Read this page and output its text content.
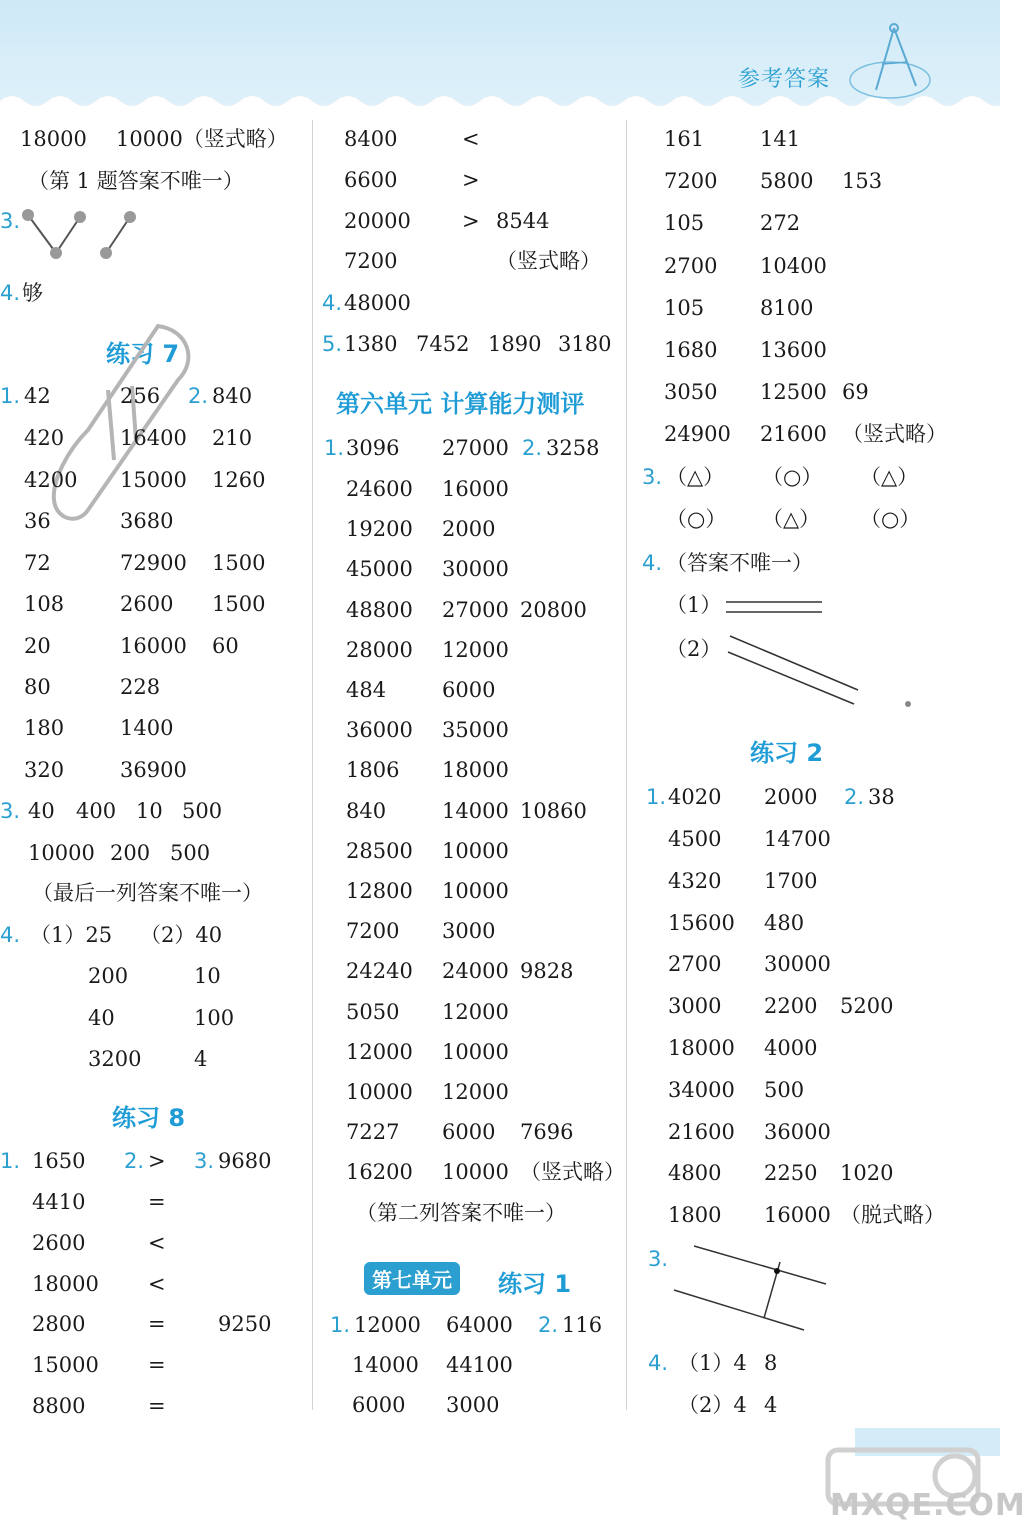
参考答案
18000 10000（竖式略）
（第 1 题答案不唯一）
3.
4. 够
练习 7
1. 42	256 2. 840
420	16400 210
4200 15000 1260
36	3680
72	72900 1500
108	2600 1500
20	16000 60
80	228
180	1400
320	36900
3. 40 400 10 500
10000 200 500
（最后一列答案不唯一）
4. （1）25 （2）40
200	10
40	100
3200	4
练习 8
1. 1650 2. > 3. 9680
4410	=
2600	<
18000 <
2800	= 9250
15000 =
8800	=
8400	<
6600	>
20000 > 8544
7200	（竖式略）
4. 48000
5. 1380 7452 1890 3180
第六单元 计算能力测评
1. 3096 27000 2. 3258
24600 16000
19200 2000
45000 30000
48800 27000 20800
28000 12000
484	6000
36000 35000
1806 18000
840	14000 10860
28500 10000
12800 10000
7200 3000
24240 24000 9828
5050 12000
12000 10000
10000 12000
7227 6000 7696
16200 10000 （竖式略）
（第二列答案不唯一）
第七单元	练习 1
1. 12000 64000 2. 116
14000 44100
6000 3000
161	141
7200 5800 153
105	272
2700 10400
105	8100
1680 13600
3050 12500 69
24900 21600 （竖式略）
3. （△） （○） （△）
（○） （△） （○）
4. （答案不唯一）
（1）
（2）
练习 2
1. 4020 2000 2. 38
4500 14700
4320 1700
15600 480
2700 30000
3000 2200 5200
18000 4000
34000 500
21600 36000
4800 2250 1020
1800 16000 （脱式略）
3.
4. （1）4 8
（2）4 4
MXQE.COM
